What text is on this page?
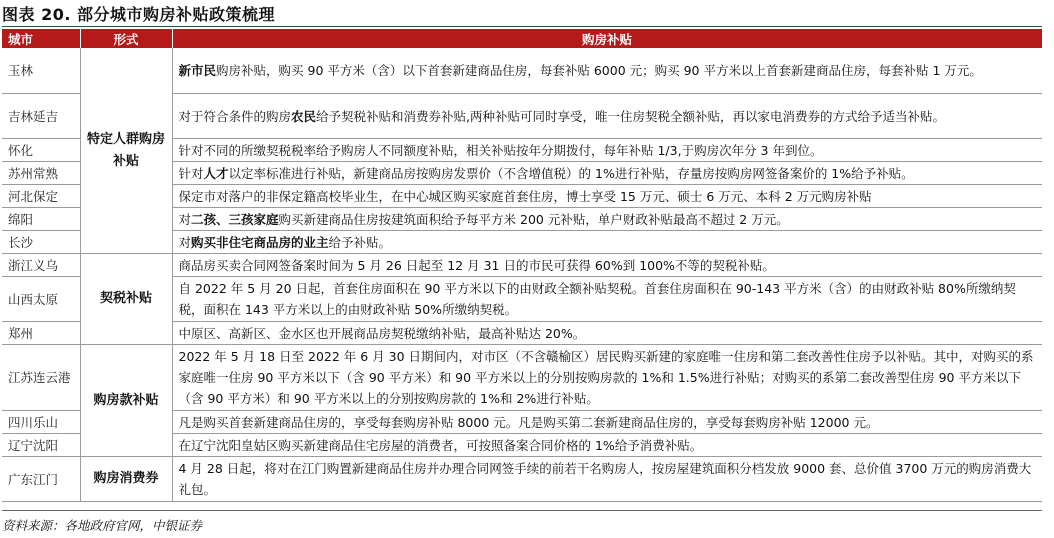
图表 20. 部分城市购房补贴政策梳理
城市	形式	购房补贴
玉林	特定人群购房补贴	新市民购房补贴，购买 90 平方米（含）以下首套新建商品住房，每套补贴 6000 元；购买 90 平方米以上首套新建商品住房，每套补贴 1 万元。
吉林延吉		对于符合条件的购房农民给予契税补贴和消费券补贴,两种补贴可同时享受，唯一住房契税全额补贴，再以家电消费券的方式给予适当补贴。
怀化		针对不同的所缴契税税率给予购房人不同额度补贴，相关补贴按年分期拨付，每年补贴 1/3,于购房次年分 3 年到位。
苏州常熟		针对人才以定率标准进行补贴，新建商品房按购房发票价（不含增值税）的 1%进行补贴，存量房按购房网签备案价的 1%给予补贴。
河北保定		保定市对落户的非保定籍高校毕业生，在中心城区购买家庭首套住房，博士享受 15 万元、硕士 6 万元、本科 2 万元购房补贴
绵阳		对二孩、三孩家庭购买新建商品住房按建筑面积给予每平方米 200 元补贴，单户财政补贴最高不超过 2 万元。
长沙		对购买非住宅商品房的业主给予补贴。
浙江义乌	契税补贴	商品房买卖合同网签备案时间为 5 月 26 日起至 12 月 31 日的市民可获得 60%到 100%不等的契税补贴。
山西太原		自 2022 年 5 月 20 日起，首套住房面积在 90 平方米以下的由财政全额补贴契税。首套住房面积在 90-143 平方米（含）的由财政补贴 80%所缴纳契税，面积在 143 平方米以上的由财政补贴 50%所缴纳契税。
郑州		中原区、高新区、金水区也开展商品房契税缴纳补贴，最高补贴达 20%。
江苏连云港	购房款补贴	2022 年 5 月 18 日至 2022 年 6 月 30 日期间内，对市区（不含赣榆区）居民购买新建的家庭唯一住房和第二套改善性住房予以补贴。其中，对购买的系家庭唯一住房 90 平方米以下（含 90 平方米）和 90 平方米以上的分别按购房款的 1%和 1.5%进行补贴；对购买的系第二套改善型住房 90 平方米以下（含 90 平方米）和 90 平方米以上的分别按购房款的 1%和 2%进行补贴。
四川乐山		凡是购买首套新建商品住房的，享受每套购房补贴 8000 元。凡是购买第二套新建商品住房的，享受每套购房补贴 12000 元。
辽宁沈阳		在辽宁沈阳皇姑区购买新建商品住宅房屋的消费者，可按照备案合同价格的 1%给予消费补贴。
广东江门	购房消费券	4 月 28 日起，将对在江门购置新建商品住房并办理合同网签手续的前若干名购房人，按房屋建筑面积分档发放 9000 套、总价值 3700 万元的购房消费大礼包。
资料来源：各地政府官网，中银证券
